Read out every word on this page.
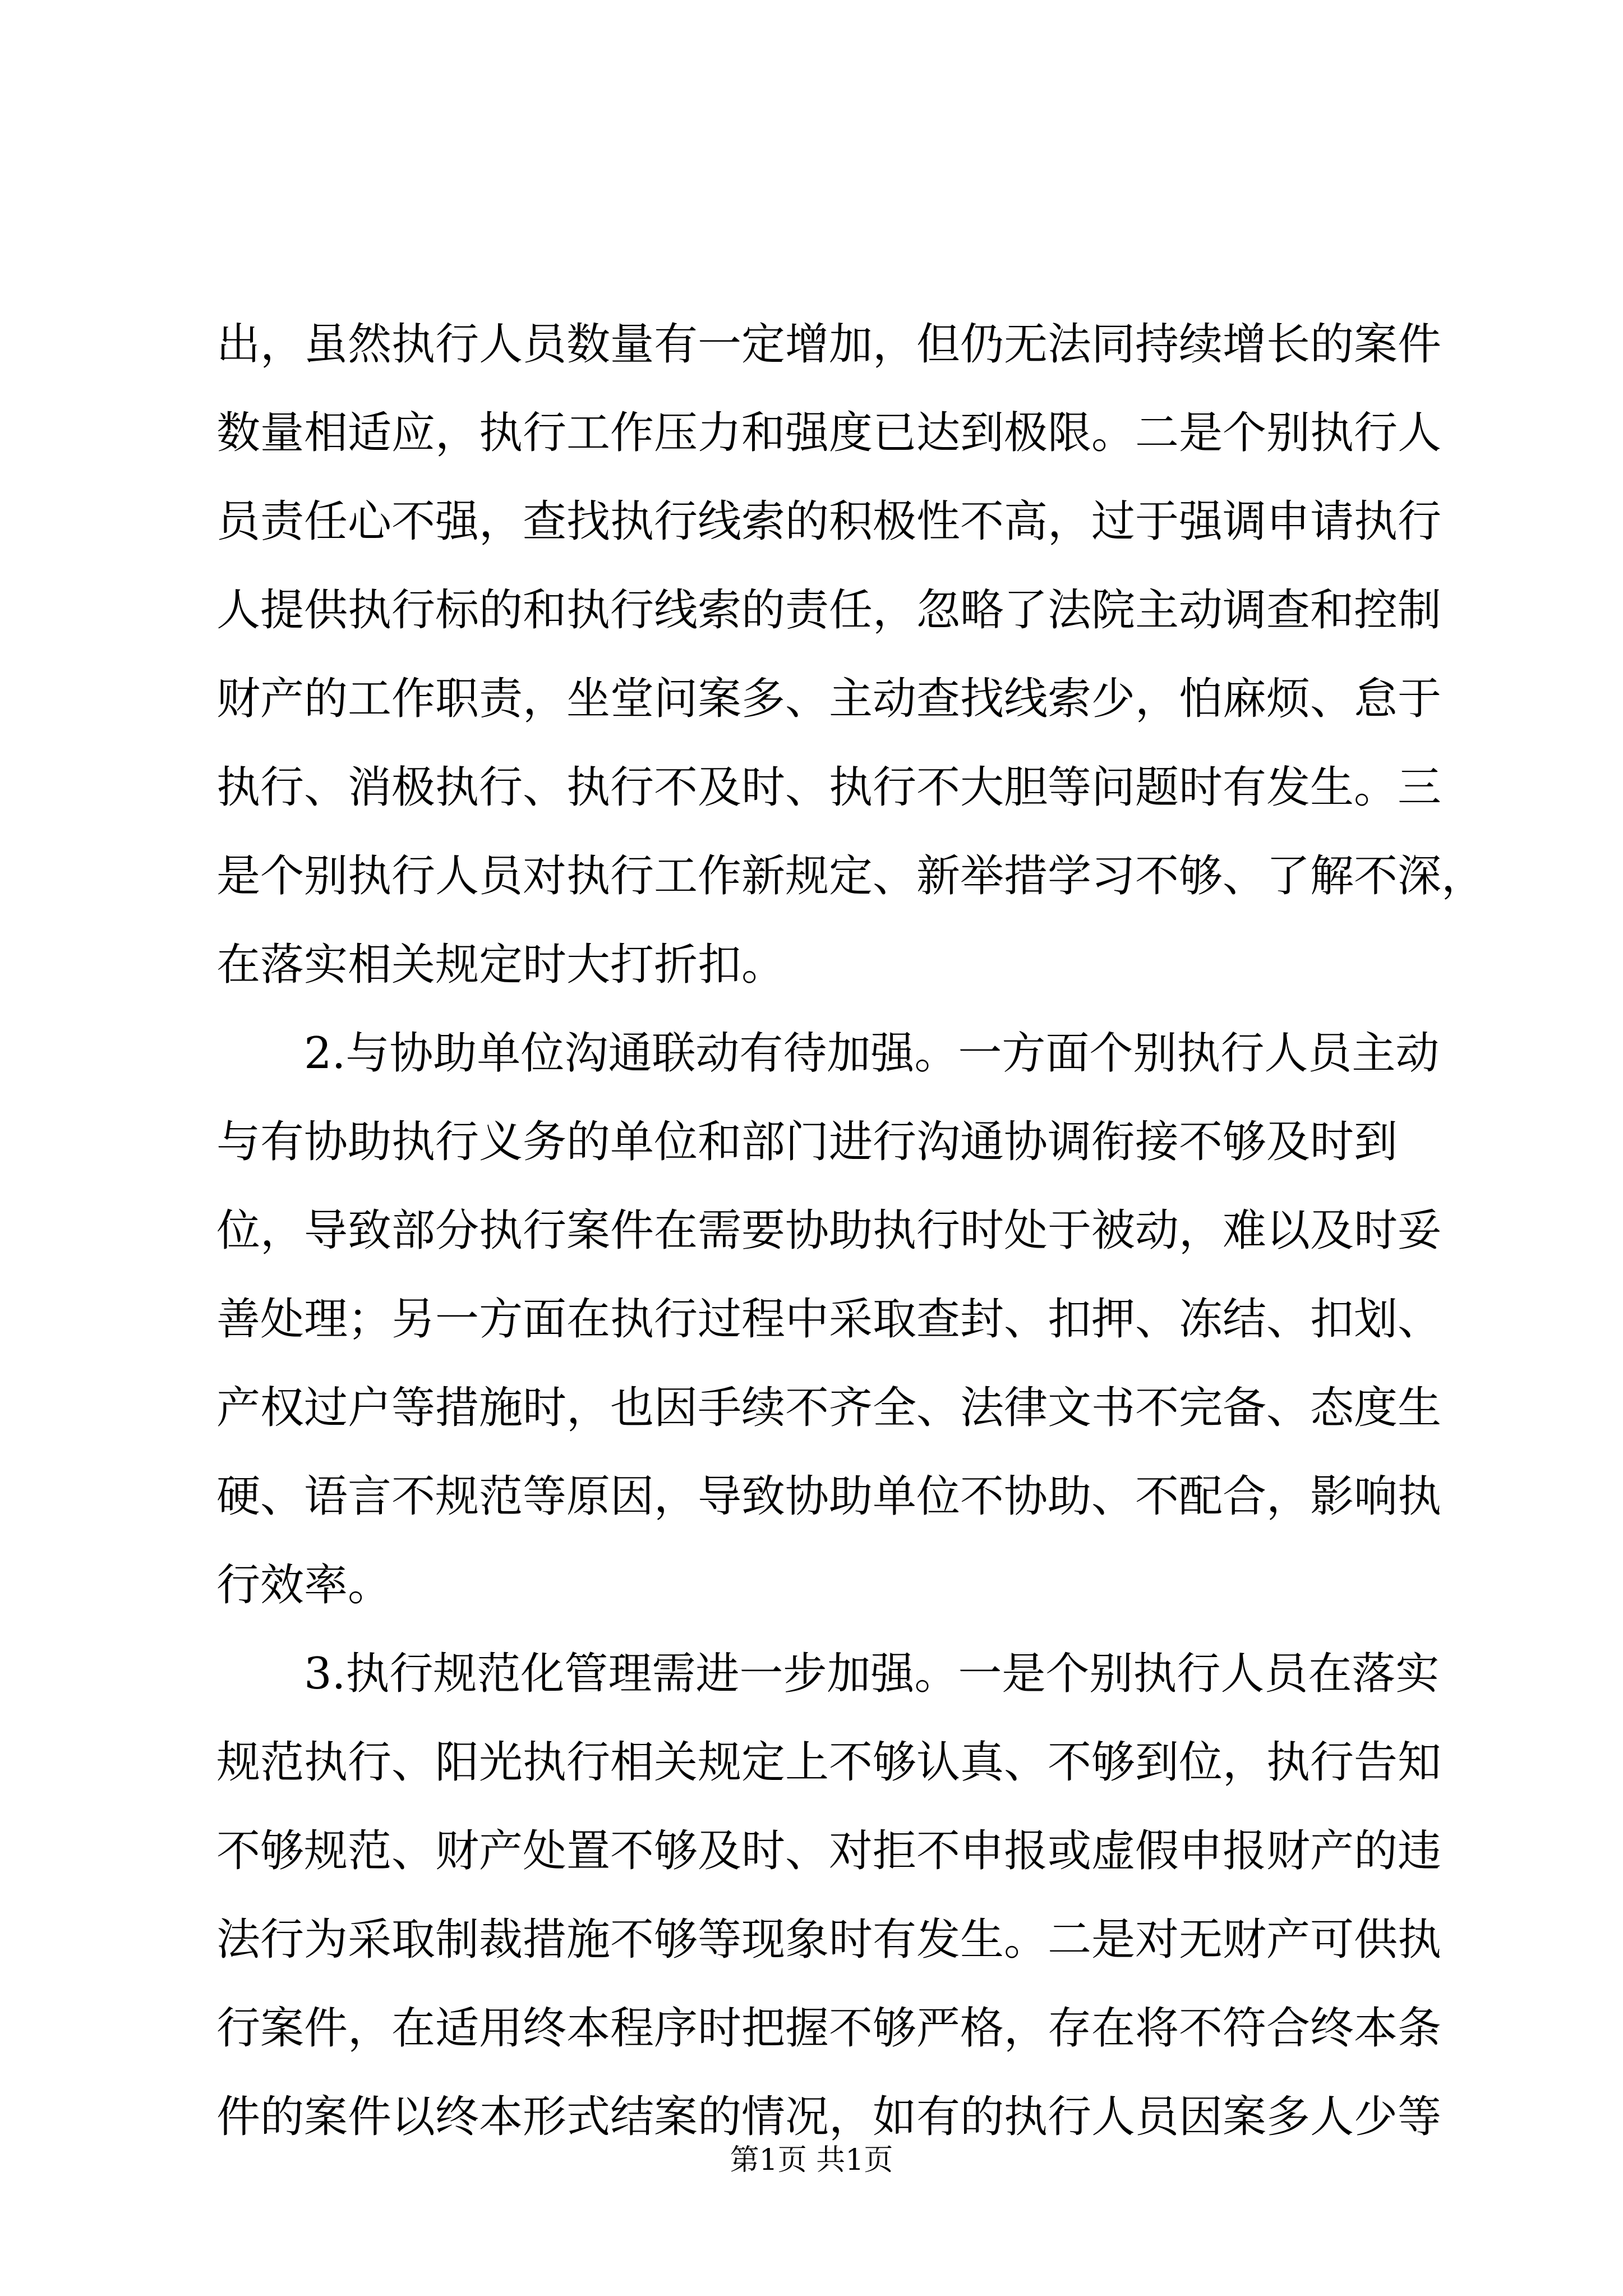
出，虽然执行人员数量有一定增加，但仍无法同持续增长的案件
数量相适应，执行工作压力和强度已达到极限。二是个别执行人
员责任心不强，查找执行线索的积极性不高，过于强调申请执行
人提供执行标的和执行线索的责任，忽略了法院主动调查和控制
财产的工作职责，坐堂问案多、主动查找线索少，怕麻烦、怠于
执行、消极执行、执行不及时、执行不大胆等问题时有发生。三
是个别执行人员对执行工作新规定、新举措学习不够、了解不深，
在落实相关规定时大打折扣。
2.与协助单位沟通联动有待加强。一方面个别执行人员主动
与有协助执行义务的单位和部门进行沟通协调衔接不够及时到
位，导致部分执行案件在需要协助执行时处于被动，难以及时妥
善处理；另一方面在执行过程中采取查封、扣押、冻结、扣划、
产权过户等措施时，也因手续不齐全、法律文书不完备、态度生
硬、语言不规范等原因，导致协助单位不协助、不配合，影响执
行效率。
3.执行规范化管理需进一步加强。一是个别执行人员在落实
规范执行、阳光执行相关规定上不够认真、不够到位，执行告知
不够规范、财产处置不够及时、对拒不申报或虚假申报财产的违
法行为采取制裁措施不够等现象时有发生。二是对无财产可供执
行案件，在适用终本程序时把握不够严格，存在将不符合终本条
件的案件以终本形式结案的情况，如有的执行人员因案多人少等
第1页 共1页
